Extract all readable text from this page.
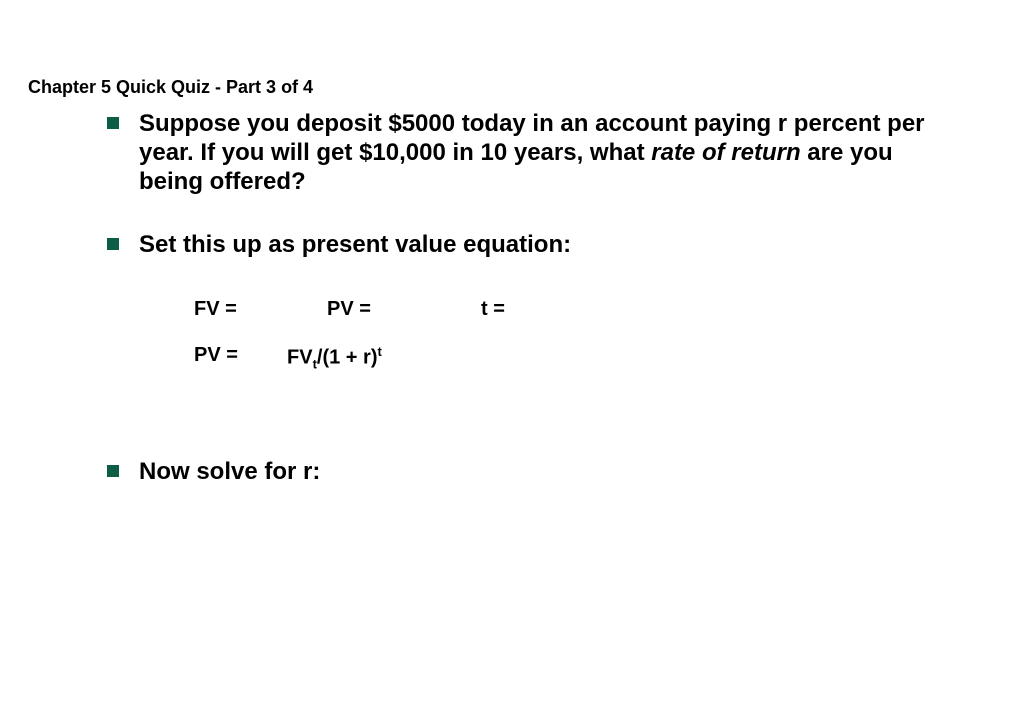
Chapter 5 Quick Quiz - Part 3 of 4
Suppose you deposit $5000 today in an account paying r percent per year. If you will get $10,000 in 10 years, what rate of return are you being offered?
Set this up as present value equation:
FV =	PV =	t =
PV = $FV_t/(1 + r)^t$
Now solve for r:
